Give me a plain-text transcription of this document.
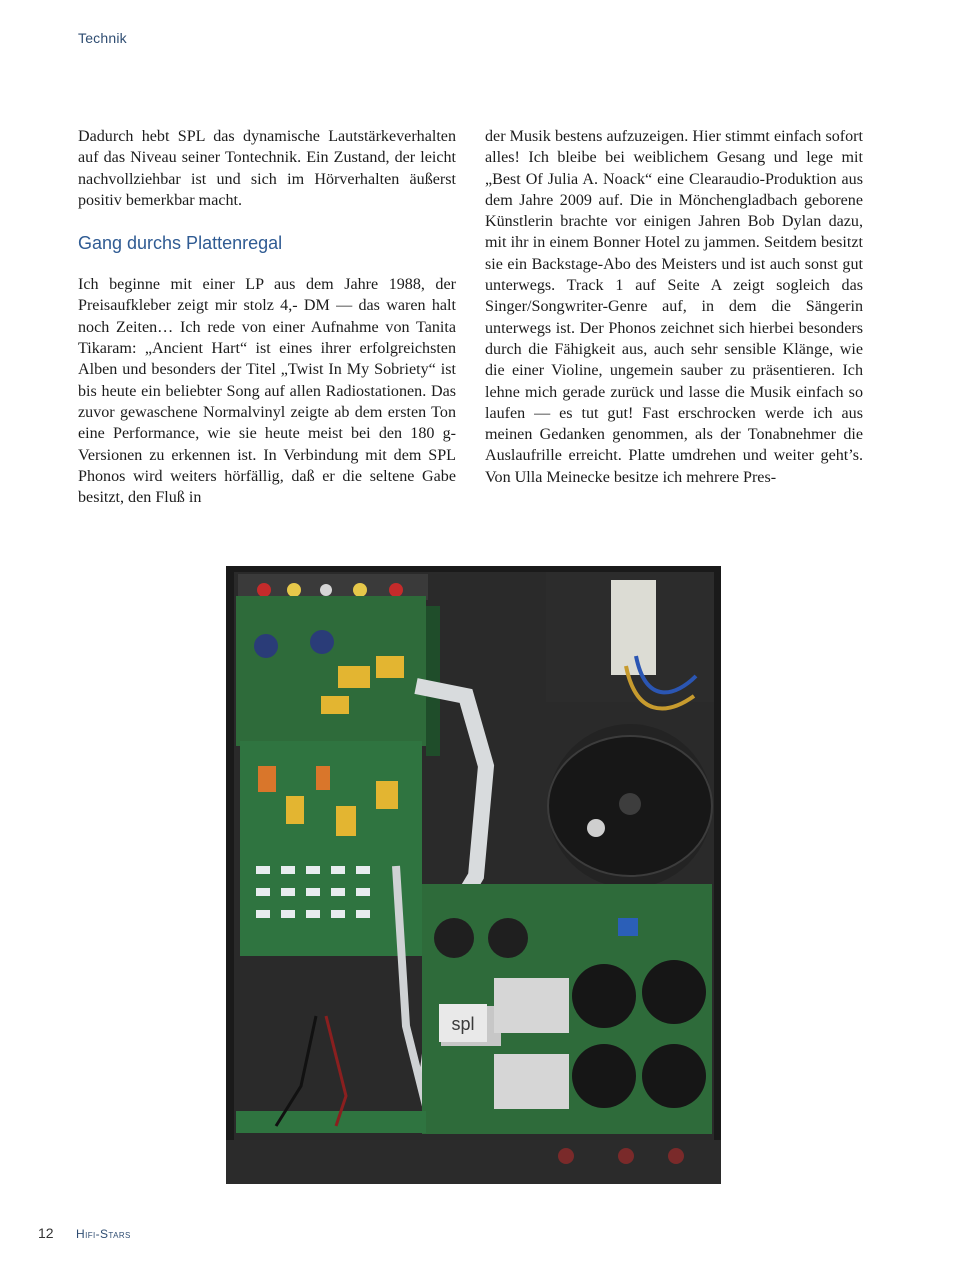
Technik

Dadurch hebt SPL das dynamische Lautstärkeverhalten auf das Niveau seiner Tontechnik. Ein Zustand, der leicht nachvollziehbar ist und sich im Hörverhalten äußerst positiv bemerkbar macht.

Gang durchs Plattenregal

Ich beginne mit einer LP aus dem Jahre 1988, der Preisaufkleber zeigt mir stolz 4,- DM — das waren halt noch Zeiten… Ich rede von einer Aufnahme von Tanita Tikaram: „Ancient Hart“ ist eines ihrer erfolgreichsten Alben und besonders der Titel „Twist In My Sobriety“ ist bis heute ein beliebter Song auf allen Radiostationen. Das zuvor gewaschene Normalvinyl zeigte ab dem ersten Ton eine Performance, wie sie heute meist bei den 180 g-Versionen zu erkennen ist. In Verbindung mit dem SPL Phonos wird weiters hörfällig, daß er die seltene Gabe besitzt, den Fluß in

der Musik bestens aufzuzeigen. Hier stimmt einfach sofort alles! Ich bleibe bei weiblichem Gesang und lege mit „Best Of Julia A. Noack“ eine Clearaudio-Produktion aus dem Jahre 2009 auf. Die in Mönchengladbach geborene Künstlerin brachte vor einigen Jahren Bob Dylan dazu, mit ihr in einem Bonner Hotel zu jammen. Seitdem besitzt sie ein Backstage-Abo des Meisters und ist auch sonst gut unterwegs. Track 1 auf Seite A zeigt sogleich das Singer/Songwriter-Genre auf, in dem die Sängerin unterwegs ist. Der Phonos zeichnet sich hierbei besonders durch die Fähigkeit aus, auch sehr sensible Klänge, wie die einer Violine, ungemein sauber zu präsentieren. Ich lehne mich gerade zurück und lasse die Musik einfach so laufen — es tut gut! Fast erschrocken werde ich aus meinen Gedanken genommen, als der Tonabnehmer die Auslaufrille erreicht. Platte umdrehen und weiter geht’s. Von Ulla Meinecke besitze ich mehrere Pres-

spl
12 Hifi-Stars
